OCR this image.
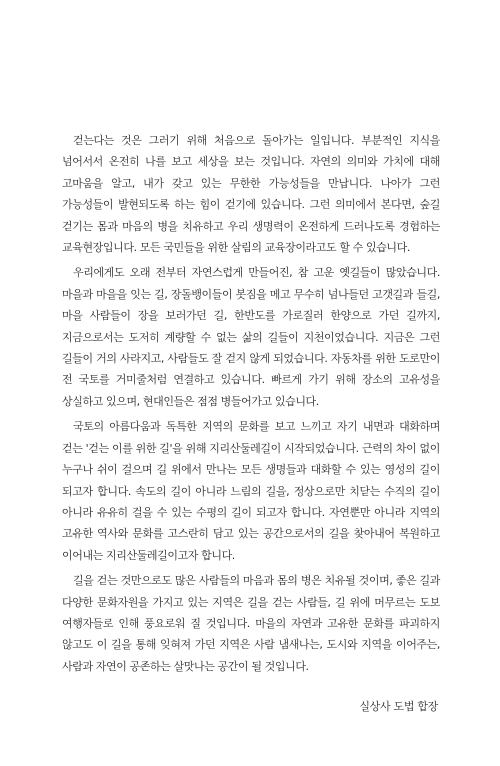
걷는다는 것은 그러기 위해 처음으로 돌아가는 일입니다. 부분적인 지식을 넘어서서 온전히 나를 보고 세상을 보는 것입니다. 자연의 의미와 가치에 대해 고마움을 알고, 내가 갖고 있는 무한한 가능성들을 만납니다. 나아가 그런 가능성들이 발현되도록 하는 힘이 걷기에 있습니다. 그런 의미에서 본다면, 숲길 걷기는 몸과 마음의 병을 치유하고 우리 생명력이 온전하게 드러나도록 경험하는 교육현장입니다. 모든 국민들을 위한 살림의 교육장이라고도 할 수 있습니다.

우리에게도 오래 전부터 자연스럽게 만들어진, 참 고운 옛길들이 많았습니다. 마을과 마을을 잇는 길, 장돌뱅이들이 봇짐을 메고 무수히 넘나들던 고갯길과 들길, 마을 사람들이 장을 보러가던 길, 한반도를 가로질러 한양으로 가던 길까지, 지금으로서는 도저히 계량할 수 없는 삶의 길들이 지천이었습니다. 지금은 그런 길들이 거의 사라지고, 사람들도 잘 걷지 않게 되었습니다. 자동차를 위한 도로만이 전 국토를 거미줄처럼 연결하고 있습니다. 빠르게 가기 위해 장소의 고유성을 상실하고 있으며, 현대인들은 점점 병들어가고 있습니다.

국토의 아름다움과 독특한 지역의 문화를 보고 느끼고 자기 내면과 대화하며 걷는 '걷는 이를 위한 길'을 위해 지리산둘레길이 시작되었습니다. 근력의 차이 없이 누구나 쉬이 걸으며 길 위에서 만나는 모든 생명들과 대화할 수 있는 영성의 길이 되고자 합니다. 속도의 길이 아니라 느림의 길을, 정상으로만 치닫는 수직의 길이 아니라 유유히 걸을 수 있는 수평의 길이 되고자 합니다. 자연뿐만 아니라 지역의 고유한 역사와 문화를 고스란히 담고 있는 공간으로서의 길을 찾아내어 복원하고 이어내는 지리산둘레길이고자 합니다.

길을 걷는 것만으로도 많은 사람들의 마음과 몸의 병은 치유될 것이며, 좋은 길과 다양한 문화자원을 가지고 있는 지역은 길을 걷는 사람들, 길 위에 머무르는 도보 여행자들로 인해 풍요로워 질 것입니다. 마을의 자연과 고유한 문화를 파괴하지 않고도 이 길을 통해 잊혀져 가던 지역은 사람 냄새나는, 도시와 지역을 이어주는, 사람과 자연이 공존하는 살맛나는 공간이 될 것입니다.

실상사 도법 합장
